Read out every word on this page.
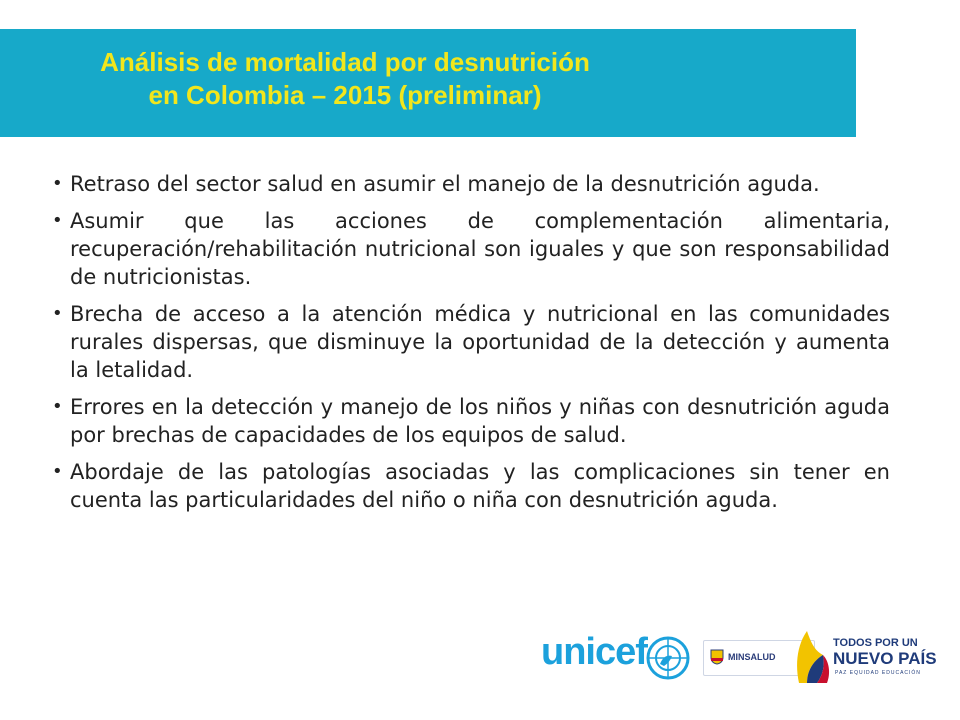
Análisis de mortalidad por desnutrición
en Colombia – 2015 (preliminar)
• Retraso del sector salud en asumir el manejo de la desnutrición aguda.
• Asumir que las acciones de complementación alimentaria, recuperación/rehabilitación nutricional son iguales y que son responsabilidad de nutricionistas.
• Brecha de acceso a la atención médica y nutricional en las comunidades rurales dispersas, que disminuye la oportunidad de la detección y aumenta la letalidad.
• Errores en la detección y manejo de los niños y niñas con desnutrición aguda por brechas de capacidades de los equipos de salud.
• Abordaje de las patologías asociadas y las complicaciones sin tener en cuenta las particularidades del niño o niña con desnutrición aguda.
unicef	MINSALUD
TODOS POR UN
NUEVO PAÍS
PAZ EQUIDAD EDUCACIÓN
